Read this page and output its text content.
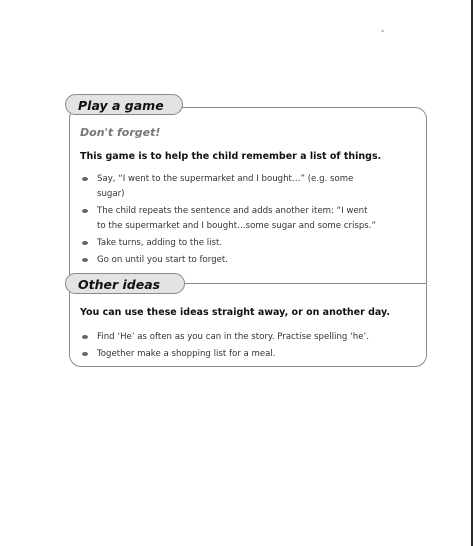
Play a game
Don't forget!
This game is to help the child remember a list of things.
Say, “I went to the supermarket and I bought…” (e.g. some
sugar)
The child repeats the sentence and adds another item: “I went
to the supermarket and I bought…some sugar and some crisps.”
Take turns, adding to the list.
Go on until you start to forget.
Other ideas
You can use these ideas straight away, or on another day.
Find ‘He’ as often as you can in the story. Practise spelling ‘he’.
Together make a shopping list for a meal.
